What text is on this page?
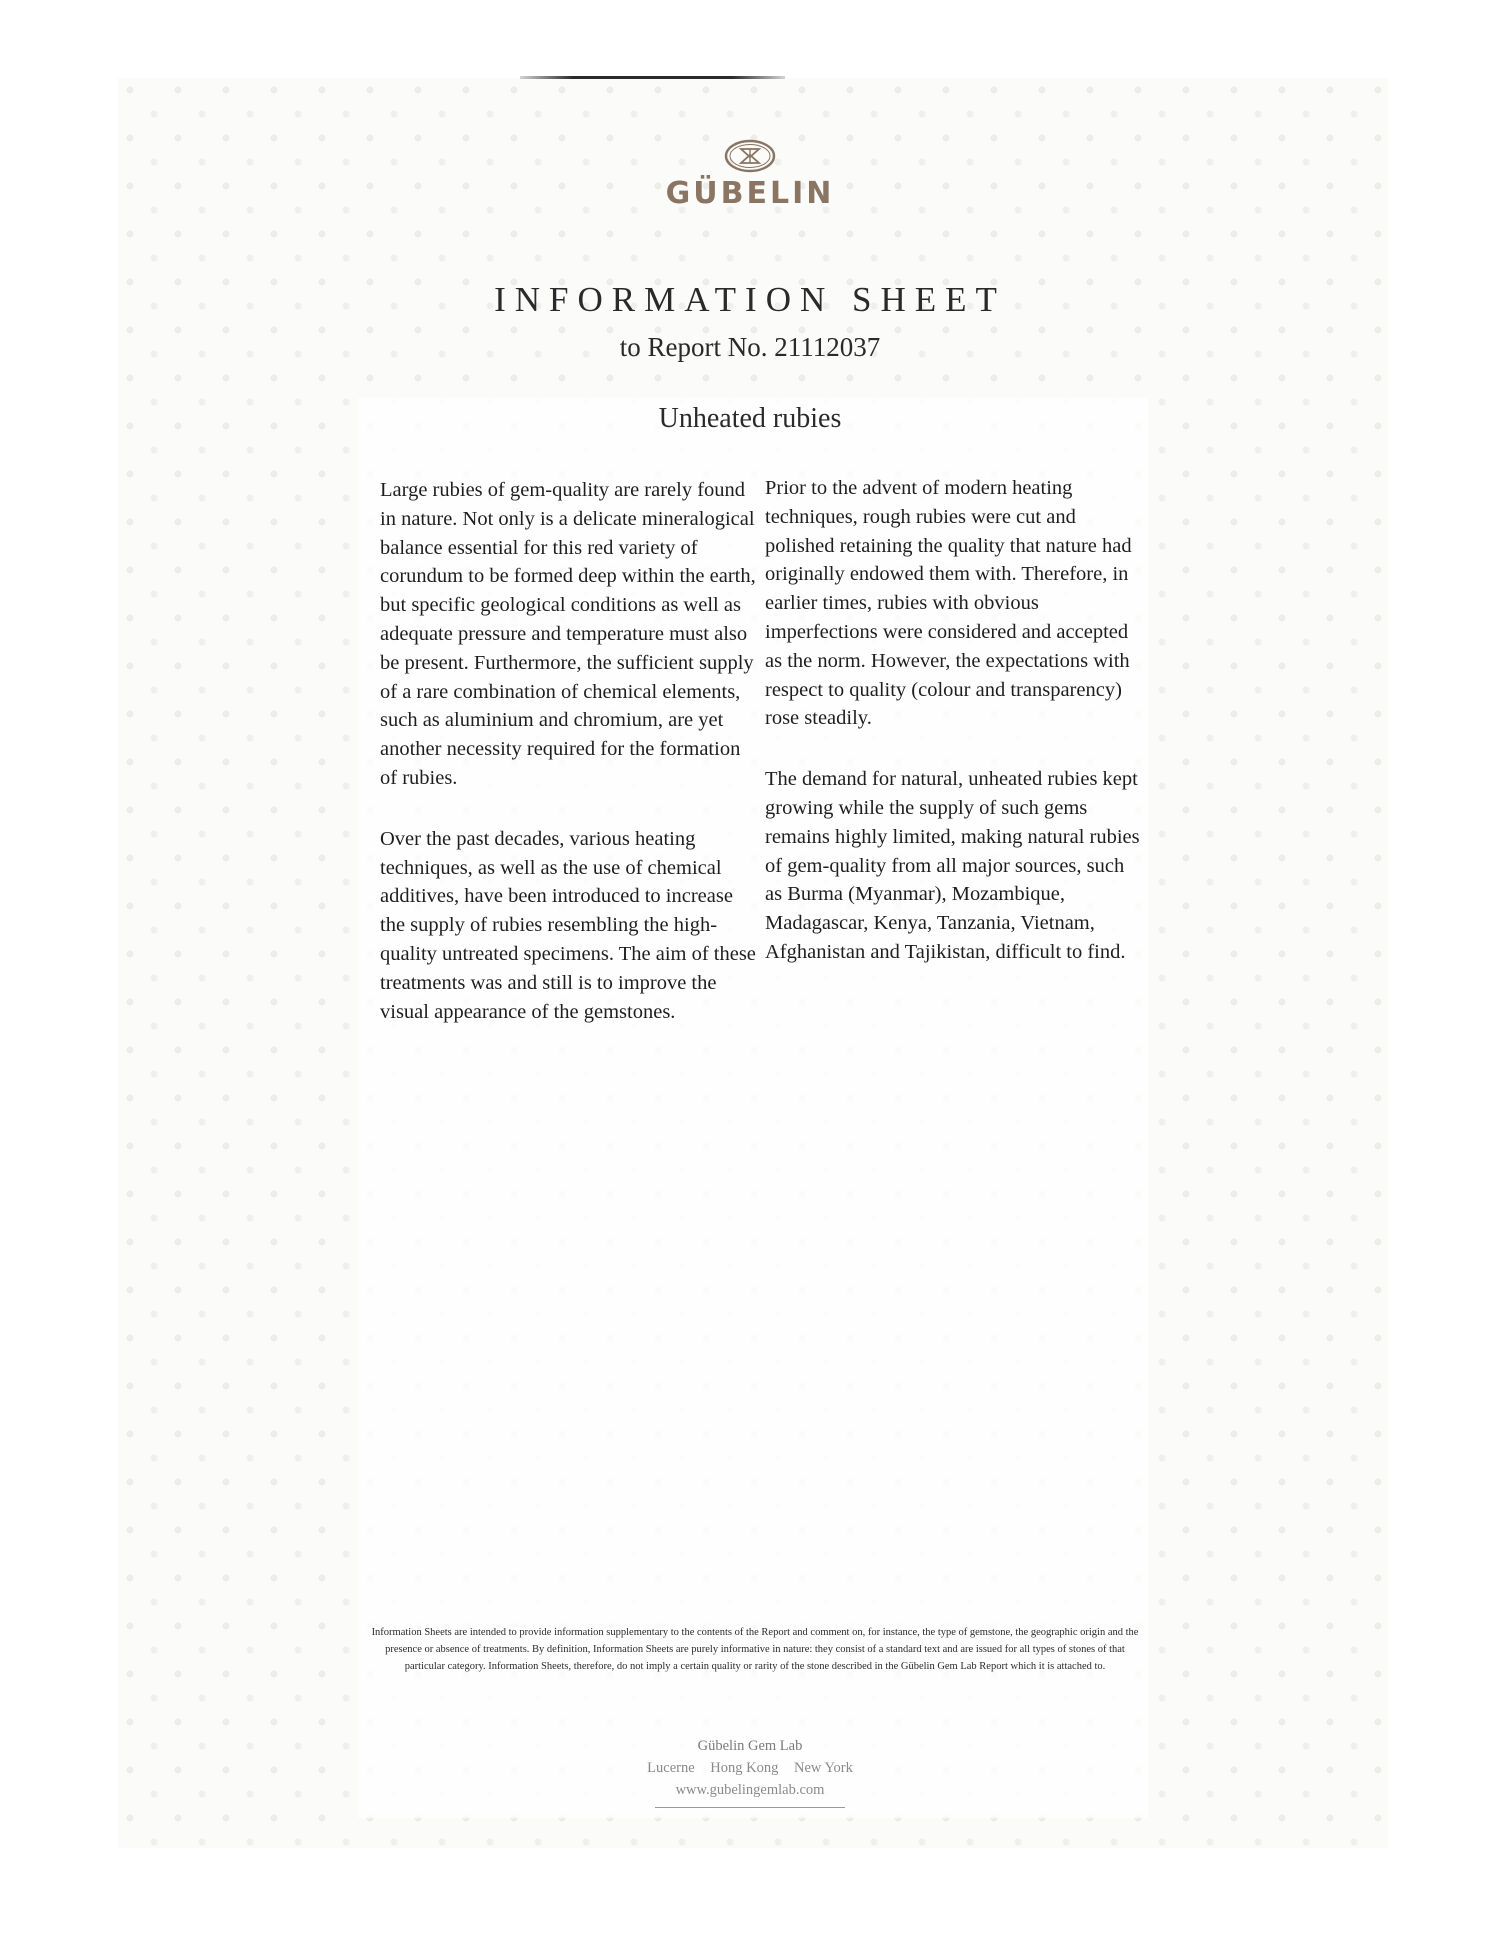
GÜBELIN
INFORMATION SHEET
to Report No. 21112037
Unheated rubies

Large rubies of gem-quality are rarely found in nature. Not only is a delicate mineralogical balance essential for this red variety of corundum to be formed deep within the earth, but specific geological conditions as well as adequate pressure and temperature must also be present. Furthermore, the sufficient supply of a rare combination of chemical elements, such as aluminium and chromium, are yet another necessity required for the formation of rubies.

Over the past decades, various heating techniques, as well as the use of chemical additives, have been introduced to increase the supply of rubies resembling the high-quality untreated specimens. The aim of these treatments was and still is to improve the visual appearance of the gemstones.

Prior to the advent of modern heating techniques, rough rubies were cut and polished retaining the quality that nature had originally endowed them with. Therefore, in earlier times, rubies with obvious imperfections were considered and accepted as the norm. However, the expectations with respect to quality (colour and transparency) rose steadily.

The demand for natural, unheated rubies kept growing while the supply of such gems remains highly limited, making natural rubies of gem-quality from all major sources, such as Burma (Myanmar), Mozambique, Madagascar, Kenya, Tanzania, Vietnam, Afghanistan and Tajikistan, difficult to find.

Information Sheets are intended to provide information supplementary to the contents of the Report and comment on, for instance, the type of gemstone, the geographic origin and the presence or absence of treatments. By definition, Information Sheets are purely informative in nature: they consist of a standard text and are issued for all types of stones of that particular category. Information Sheets, therefore, do not imply a certain quality or rarity of the stone described in the Gübelin Gem Lab Report which it is attached to.
Gübelin Gem Lab
Lucerne Hong Kong New York
www.gubelingemlab.com
